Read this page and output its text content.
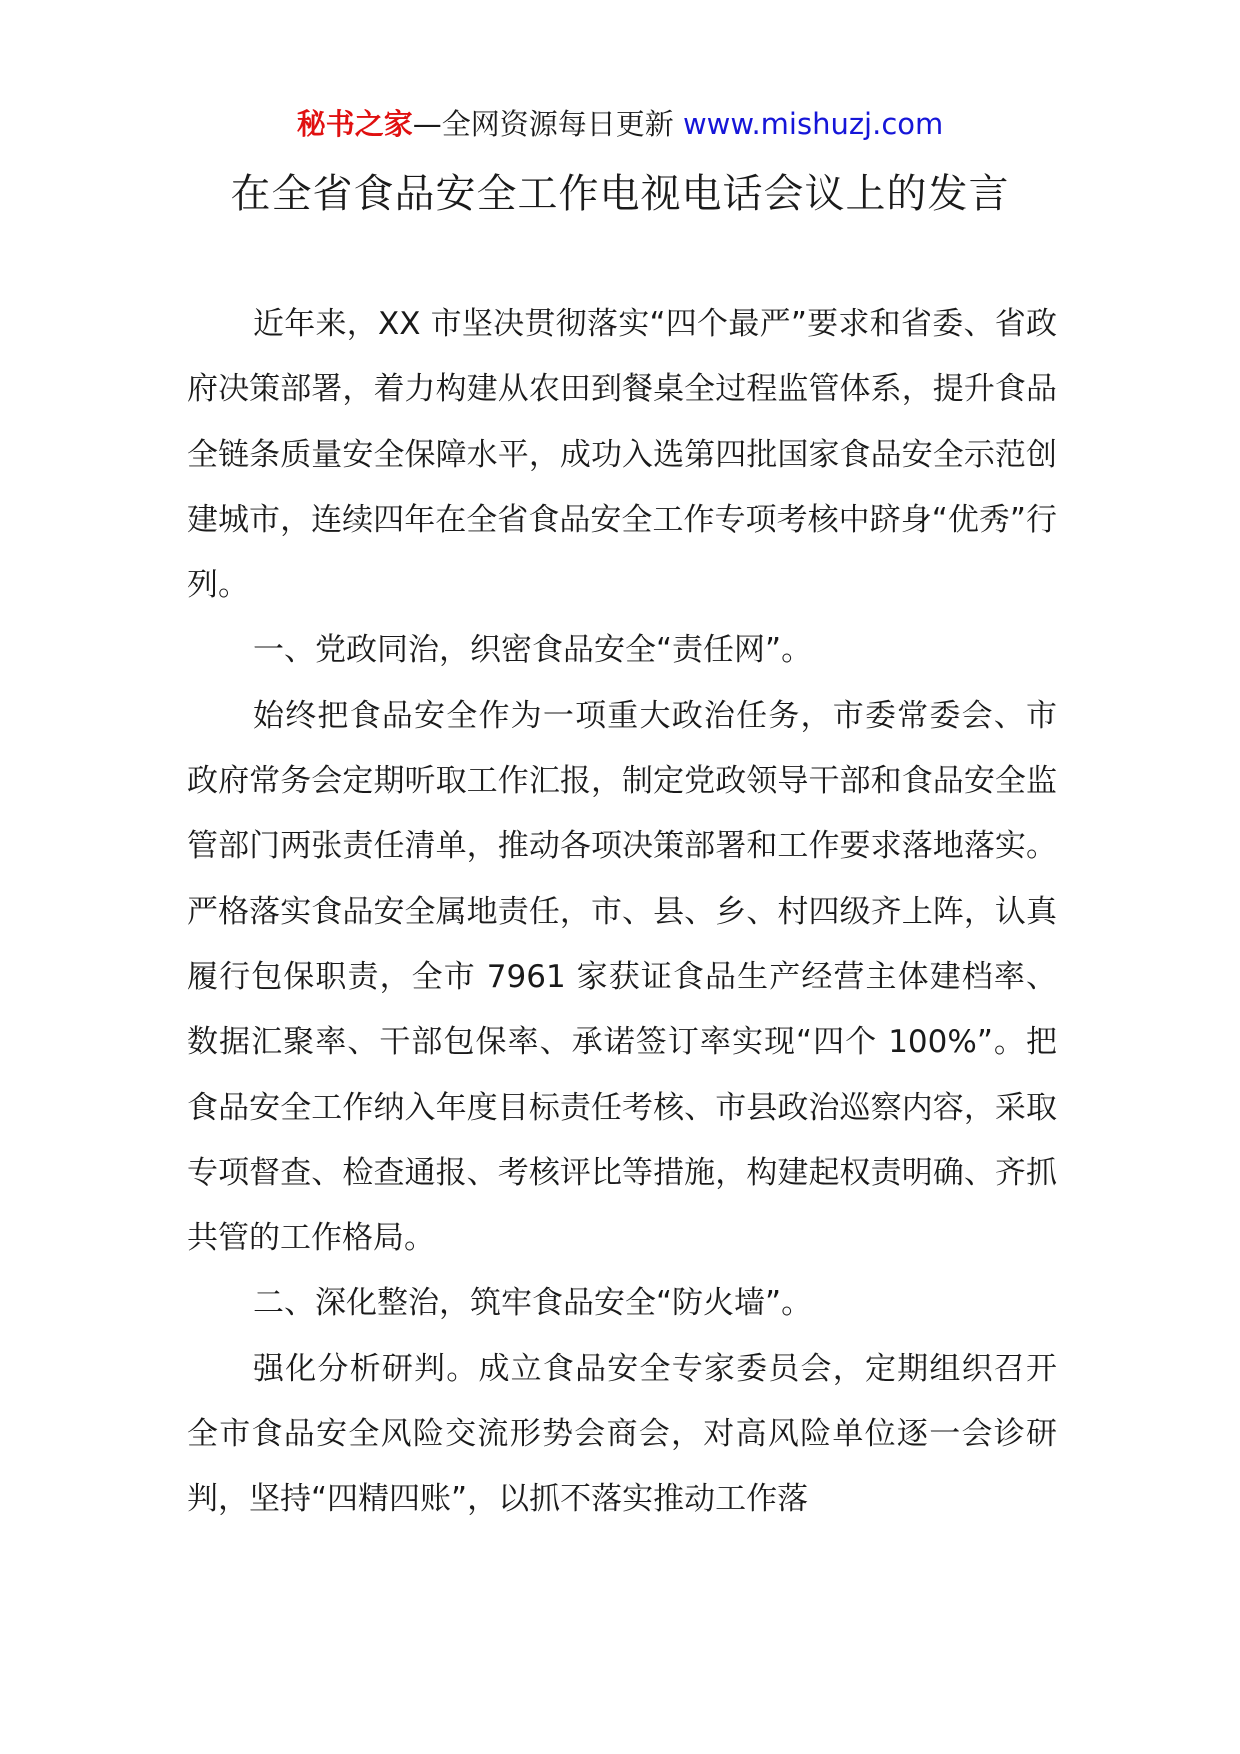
秘书之家—全网资源每日更新 www.mishuzj.com
在全省食品安全工作电视电话会议上的发言

近年来，XX 市坚决贯彻落实“四个最严”要求和省委、省政府决策部署，着力构建从农田到餐桌全过程监管体系，提升食品全链条质量安全保障水平，成功入选第四批国家食品安全示范创建城市，连续四年在全省食品安全工作专项考核中跻身“优秀”行列。

一、党政同治，织密食品安全“责任网”。

始终把食品安全作为一项重大政治任务，市委常委会、市政府常务会定期听取工作汇报，制定党政领导干部和食品安全监管部门两张责任清单，推动各项决策部署和工作要求落地落实。严格落实食品安全属地责任，市、县、乡、村四级齐上阵，认真履行包保职责，全市 7961 家获证食品生产经营主体建档率、数据汇聚率、干部包保率、承诺签订率实现“四个 100%”。把食品安全工作纳入年度目标责任考核、市县政治巡察内容，采取专项督查、检查通报、考核评比等措施，构建起权责明确、齐抓共管的工作格局。

二、深化整治，筑牢食品安全“防火墙”。

强化分析研判。成立食品安全专家委员会，定期组织召开全市食品安全风险交流形势会商会，对高风险单位逐一会诊研判，坚持“四精四账”，以抓不落实推动工作落
